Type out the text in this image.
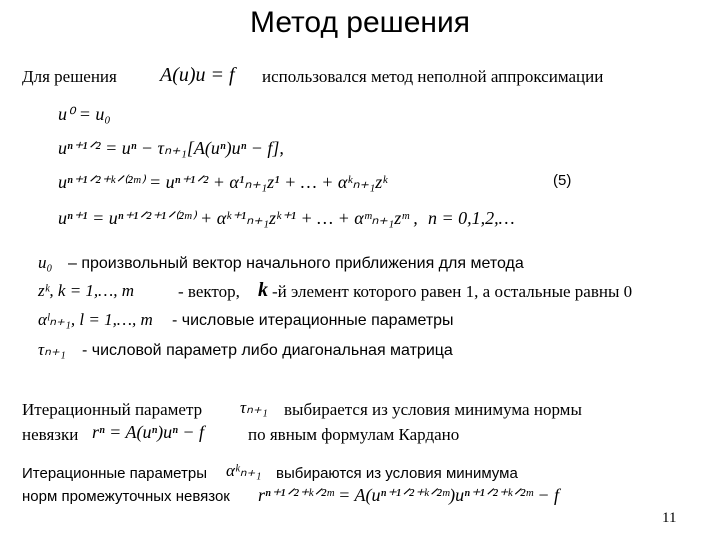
Метод решения
Для решения A(u)u = f использовался метод неполной аппроксимации
u⁰ = u₀
uⁿ⁺¹ᐟ² = uⁿ − τₙ₊₁[A(uⁿ)uⁿ − f],
uⁿ⁺¹ᐟ²⁺ᵏᐟ⁽²ᵐ⁾ = uⁿ⁺¹ᐟ² + α¹ₙ₊₁z¹ + … + αᵏₙ₊₁zᵏ	(5)
uⁿ⁺¹ = uⁿ⁺¹ᐟ²⁺¹ᐟ⁽²ᵐ⁾ + αᵏ⁺¹ₙ₊₁zᵏ⁺¹ + … + αᵐₙ₊₁zᵐ , n = 0,1,2,…
u₀ – произвольный вектор начального приближения для метода
zᵏ, k = 1,…, m	- вектор, k -й элемент которого равен 1, а остальные равны 0
αˡₙ₊₁, l = 1,…, m - числовые итерационные параметры
τₙ₊₁ - числовой параметр либо диагональная матрица
Итерационный параметр τₙ₊₁ выбирается из условия минимума нормы
невязки rⁿ = A(uⁿ)uⁿ − f	по явным формулам Кардано
Итерационные параметры αᵏₙ₊₁ выбираются из условия минимума
норм промежуточных невязок rⁿ⁺¹ᐟ²⁺ᵏᐟ²ᵐ = A(uⁿ⁺¹ᐟ²⁺ᵏᐟ²ᵐ)uⁿ⁺¹ᐟ²⁺ᵏᐟ²ᵐ − f
11
